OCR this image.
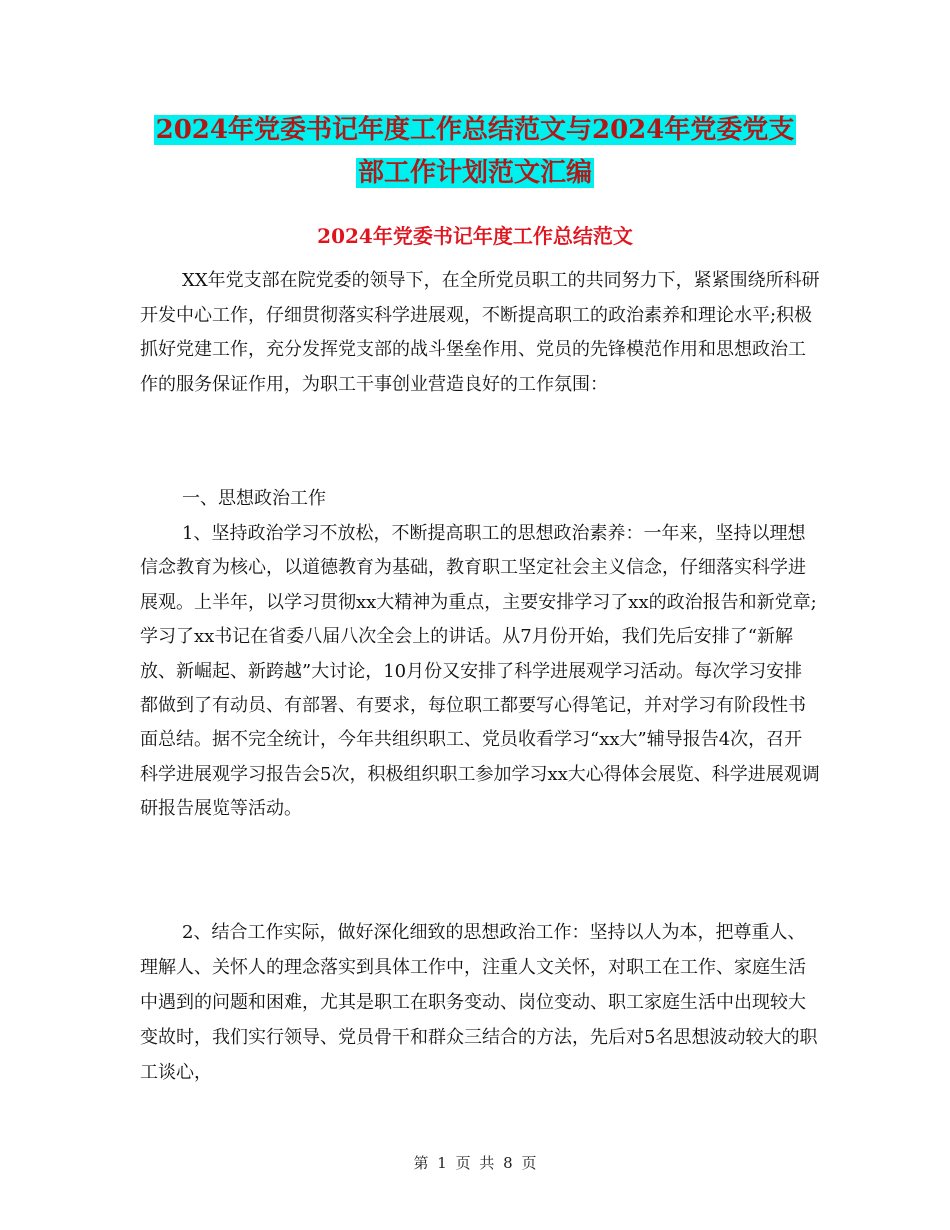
2024年党委书记年度工作总结范文与2024年党委党支
部工作计划范文汇编
2024年党委书记年度工作总结范文

XX年党支部在院党委的领导下，在全所党员职工的共同努力下，紧紧围绕所科研开发中心工作，仔细贯彻落实科学进展观，不断提高职工的政治素养和理论水平;积极抓好党建工作，充分发挥党支部的战斗堡垒作用、党员的先锋模范作用和思想政治工作的服务保证作用，为职工干事创业营造良好的工作氛围：

一、思想政治工作

1、坚持政治学习不放松，不断提高职工的思想政治素养：一年来，坚持以理想信念教育为核心，以道德教育为基础，教育职工坚定社会主义信念，仔细落实科学进展观。上半年，以学习贯彻xx大精神为重点，主要安排学习了xx的政治报告和新党章;学习了xx书记在省委八届八次全会上的讲话。从7月份开始，我们先后安排了“新解放、新崛起、新跨越”大讨论，10月份又安排了科学进展观学习活动。每次学习安排都做到了有动员、有部署、有要求，每位职工都要写心得笔记，并对学习有阶段性书面总结。据不完全统计，今年共组织职工、党员收看学习“xx大”辅导报告4次，召开科学进展观学习报告会5次，积极组织职工参加学习xx大心得体会展览、科学进展观调研报告展览等活动。

2、结合工作实际，做好深化细致的思想政治工作：坚持以人为本，把尊重人、理解人、关怀人的理念落实到具体工作中，注重人文关怀，对职工在工作、家庭生活中遇到的问题和困难，尤其是职工在职务变动、岗位变动、职工家庭生活中出现较大变故时，我们实行领导、党员骨干和群众三结合的方法，先后对5名思想波动较大的职工谈心，

第 1 页 共 8 页
